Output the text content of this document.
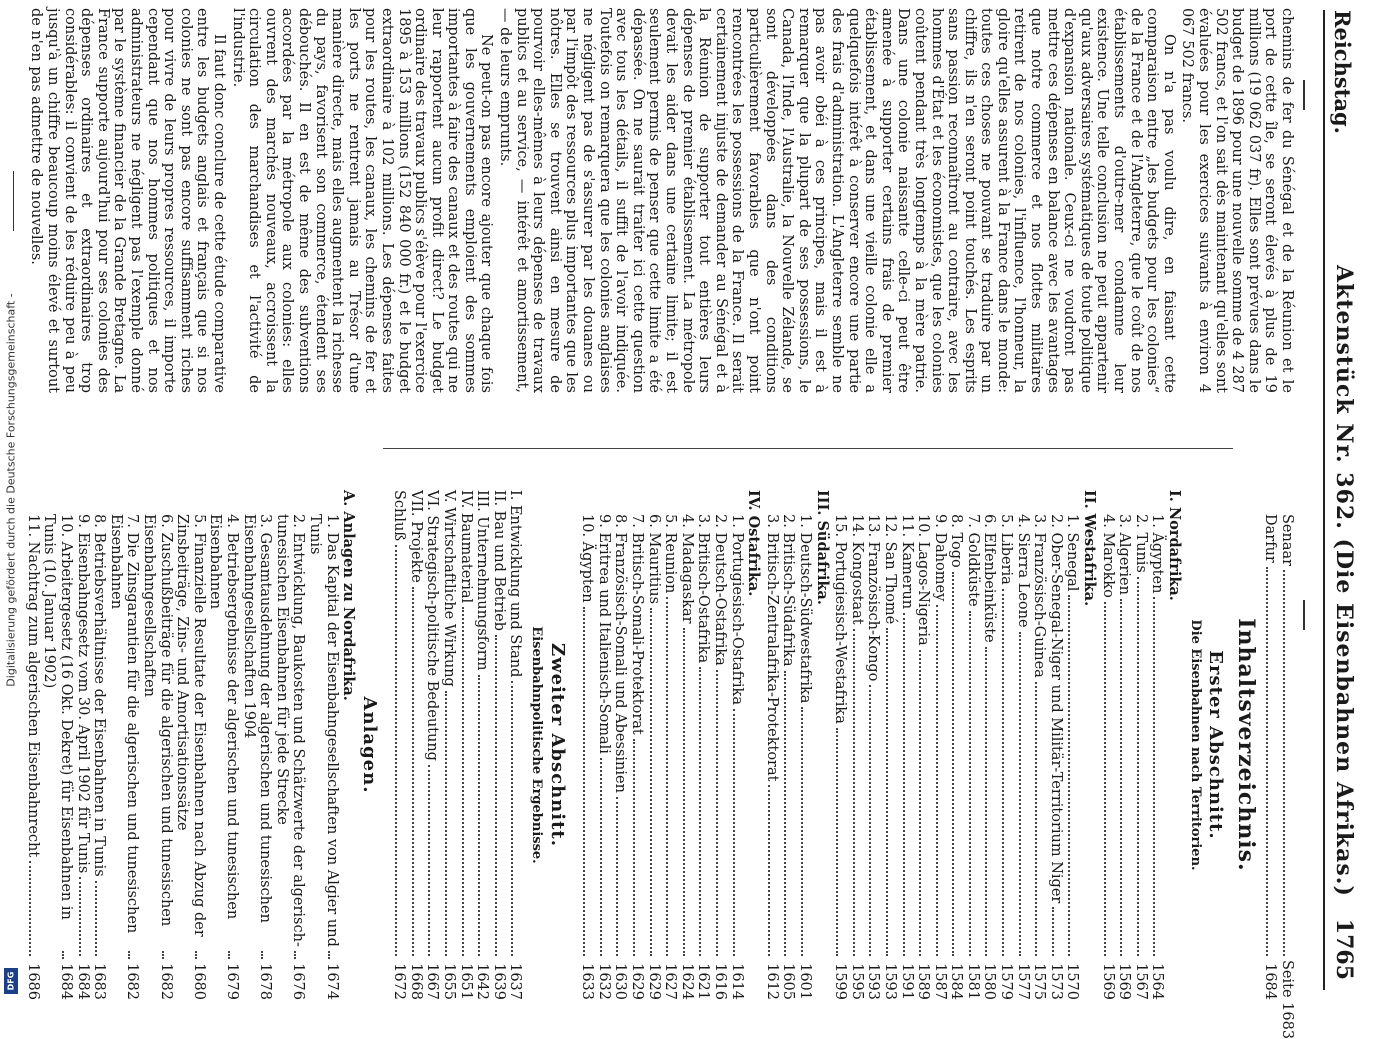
Reichstag.
Aktenstück Nr. 362. (Die Eisenbahnen Afrikas.)
1765

chemins de fer du Sénégal et de la Réunion et le port de cette île, se seront élevés à plus de 19 millions (19 062 037 fr). Elles sont prévues dans le budget de 1896 pour une nouvelle somme de 4 287 502 francs, et l'on sait dès maintenant qu'elles sont évaluées pour les exercices suivants à environ 4 067 502 francs.

On n'a pas voulu dire, en faisant cette comparaison entre „les budgets pour les colonies“ de la France et de l'Angleterre, que le coût de nos établissements d'outre-mer condamne leur existence. Une telle conclusion ne peut appartenir qu'aux adversaires systématiques de toute politique d'expansion nationale. Ceux-ci ne voudront pas mettre ces dépenses en balance avec les avantages que notre commerce et nos flottes militaires retirent de nos colonies, l'influence, l'honneur, la gloire qu'elles assurent à la France dans le monde: toutes ces choses ne pouvant se traduire par un chiffre, ils n'en seront point touchés. Les esprits sans passion reconnaîtront au contraire, avec les hommes d'État et les économistes, que les colonies coûtent pendant très longtemps à la mère patrie. Dans une colonie naissante celle-ci peut être amenée à supporter certains frais de premier établissement, et dans une vieille colonie elle a quelquefois intérêt à conserver encore une partie des frais d'administration. L'Angleterre semble ne pas avoir obéi à ces principes, mais il est à remarquer que la plupart de ses possessions, le Canada, l'Inde, l'Australie, la Nouvelle Zélande, se sont développées dans des conditions particulièrement favorables que n'ont point rencontrées les possessions de la France. Il serait certainement injuste de demander au Sénégal et à la Réunion de supporter tout entières leurs dépenses de premier établissement. La métropole devait les aider dans une certaine limite; il est seulement permis de penser que cette limite a été dépassée. On ne saurait traiter ici cette question avec tous les détails, il suffit de l'avoir indiquée. Toutefois on remarquera que les colonies anglaises ne négligent pas de s'assurer par les douanes ou par l'impôt des ressources plus importantes que les nôtres. Elles se trouvent ainsi en mesure de pourvoir elles-mêmes à leurs dépenses de travaux publics et au service, — intérêt et amortissement, — de leurs emprunts.

Ne peut-on pas encore ajouter que chaque fois que les gouvernements emploient des sommes importantes à faire des canaux et des routes qui ne leur rapportent aucun profit direct? Le budget ordinaire des travaux publics s'élève pour l'exercice 1895 à 153 millions (152 840 000 fr.) et le budget extraordinaire à 102 millions. Les dépenses faites pour les routes, les canaux, les chemins de fer et les ports ne rentrent jamais au Trésor d'une manière directe, mais elles augmentent la richesse du pays, favorisent son commerce, étendent ses débouchés. Il en est de même des subventions accordées par la métropole aux colonies: elles ouvrent des marchés nouveaux, accroissent la circulation des marchandises et l'activité de l'industrie.

Il faut donc conclure de cette étude comparative entre les budgets anglais et français que si nos colonies ne sont pas encore suffisamment riches pour vivre de leurs propres ressources, il importe cependant que nos hommes politiques et nos administrateurs ne négligent pas l'exemple donné par le système financier de la Grande Bretagne. La France supporte aujourd'hui pour ses colonies des dépenses ordinaires et extraordinaires trop considérables: il convient de les réduire peu à peu jusqu'à un chiffre beaucoup moins élevé et surtout de n'en pas admettre de nouvelles.

Senaar
Seite 1683
Darfur
1684
Inhaltsverzeichnis.
Erster Abschnitt.
Die Eisenbahnen nach Territorien.
I. Nordafrika.
1. Ägypten
1564
2. Tunis
1567
3. Algerien
1569
4. Marokko
1569
II. Westafrika.
1. Senegal
1570
2. Ober-Senegal-Niger und Militär-Territorium Niger
1573
3. Französisch-Guinea
1575
4. Sierra Leone
1577
5. Liberia
1579
6. Elfenbeinküste
1580
7. Goldküste
1581
8. Togo
1584
9. Dahomey
1587
10. Lagos-Nigeria
1589
11. Kamerun
1591
12. San Thomé
1593
13. Französisch-Kongo
1593
14. Kongostaat
1595
15. Portugiesisch-Westafrika
1599
III. Südafrika.
1. Deutsch-Südwestafrika
1601
2. Britisch-Südafrika
1605
3. Britisch-Zentralafrika-Protektorat
1612
IV. Ostafrika.
1. Portugiesisch-Ostafrika
1614
2. Deutsch-Ostafrika
1616
3. Britisch-Ostafrika
1621
4. Madagaskar
1624
5. Reunion
1627
6. Mauritius
1629
7. Britisch-Somali-Protektorat
1629
8. Französisch-Somali und Abessinien
1630
9. Eritrea und Italienisch-Somali
1632
10. Ägypten
1633
Zweiter Abschnitt.
Eisenbahnpolitische Ergebnisse.
I. Entwicklung und Stand
1637
II. Bau und Betrieb
1639
III. Unternehmungsform
1642
IV. Baumaterial
1651
V. Wirtschaftliche Wirkung
1655
VI. Strategisch-politische Bedeutung
1667
VII. Projekte
1668
Schluß
1672
Anlagen.
A. Anlagen zu Nordafrika.
1. Das Kapital der Eisenbahngesellschaften von Algier und Tunis
1674
2. Entwicklung, Baukosten und Schätzwerte der algerisch-tunesischen Eisenbahnen für jede Strecke
1676
3. Gesamtausdehnung der algerischen und tunesischen Eisenbahngesellschaften 1904
1678
4. Betriebsergebnisse der algerischen und tunesischen Eisenbahnen
1679
5. Finanzielle Resultate der Eisenbahnen nach Abzug der Zinsbeiträge, Zins- und Amortisationssätze
1680
6. Zuschußbeiträge für die algerischen und tunesischen Eisenbahngesellschaften
1682
7. Die Zinsgarantien für die algerischen und tunesischen Eisenbahnen
1682
8. Betriebsverhältnisse der Eisenbahnen in Tunis
1683
9. Eisenbahngesetz vom 30. April 1902 für Tunis
1684
10. Arbeitergesetz (16 Okt. Dekret) für Eisenbahnen in Tunis (10. Januar 1902)
1684
11. Nachtrag zum algerischen Eisenbahnrecht
1686
Digitalisierung gefördert durch die Deutsche Forschungsgemeinschaft -
DFG
